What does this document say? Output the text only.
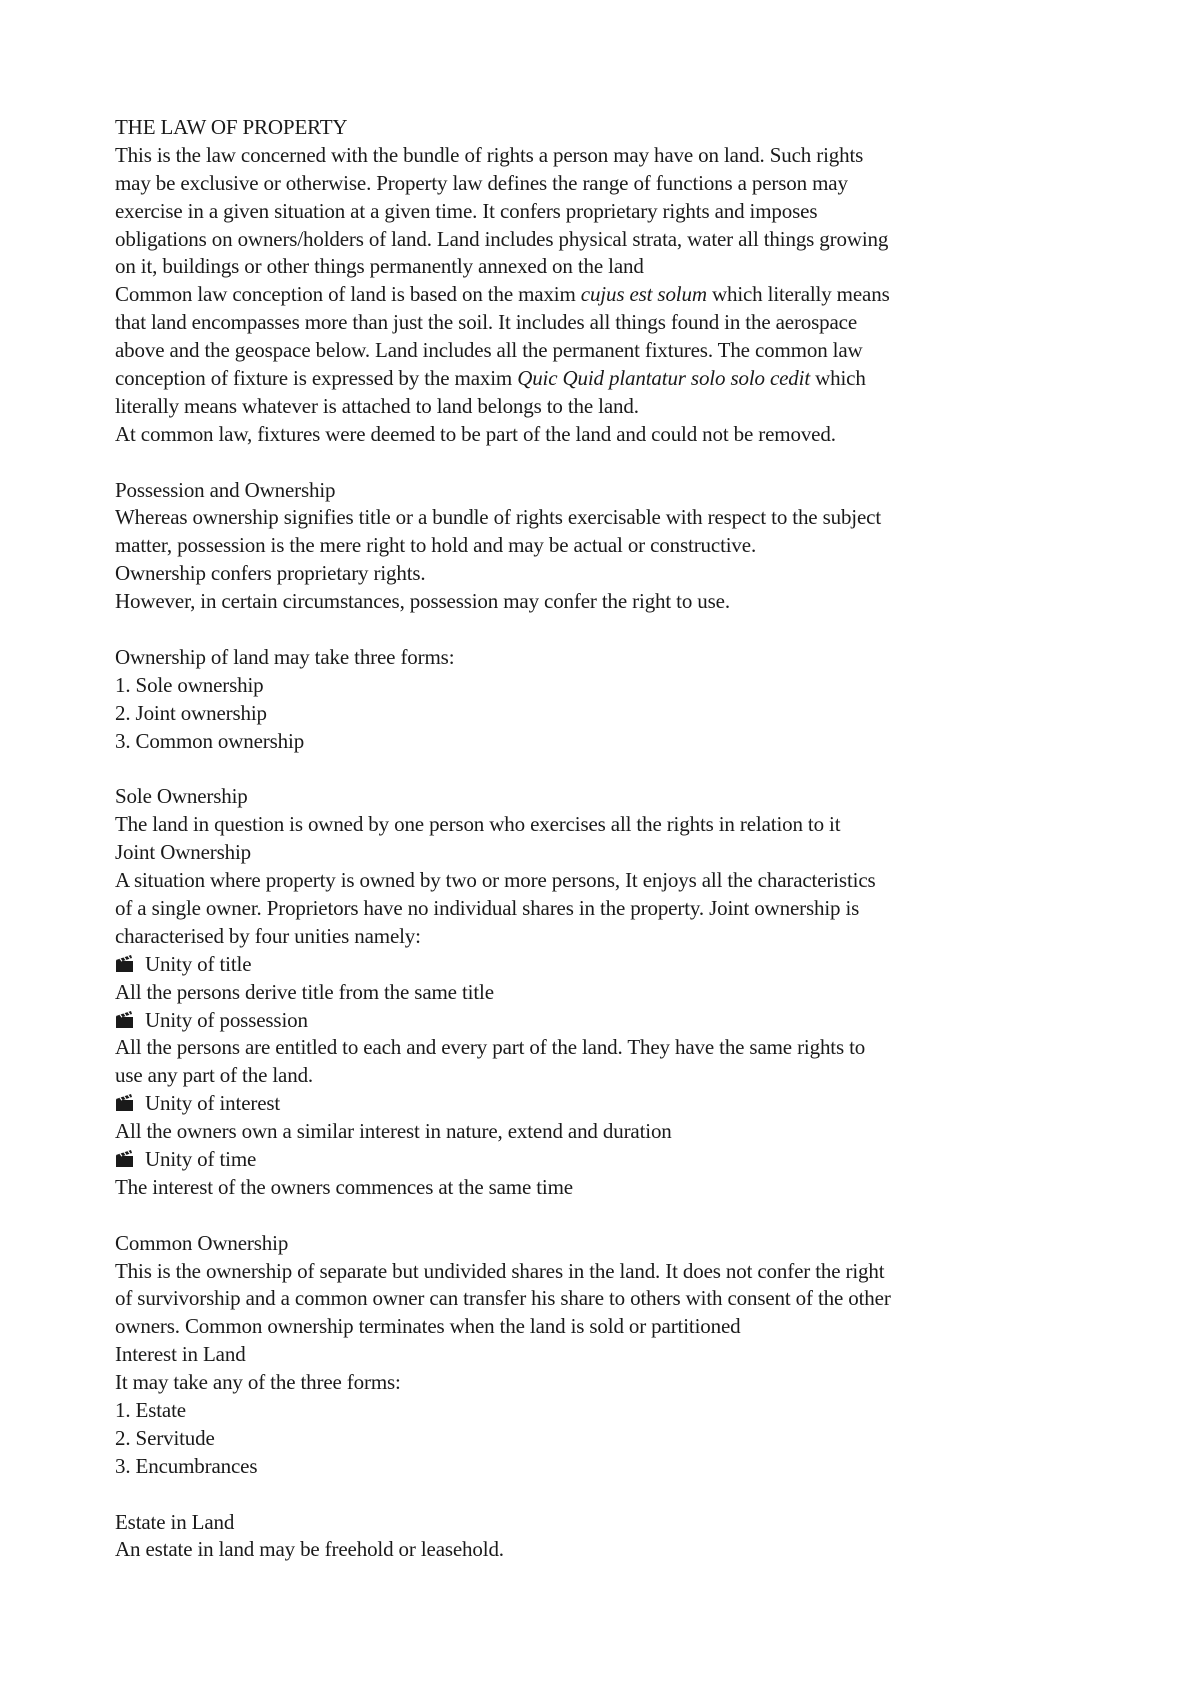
THE LAW OF PROPERTY
This is the law concerned with the bundle of rights a person may have on land. Such rights
may be exclusive or otherwise. Property law defines the range of functions a person may
exercise in a given situation at a given time. It confers proprietary rights and imposes
obligations on owners/holders of land. Land includes physical strata, water all things growing
on it, buildings or other things permanently annexed on the land
Common law conception of land is based on the maxim cujus est solum which literally means
that land encompasses more than just the soil. It includes all things found in the aerospace
above and the geospace below. Land includes all the permanent fixtures. The common law
conception of fixture is expressed by the maxim Quic Quid plantatur solo solo cedit which
literally means whatever is attached to land belongs to the land.
At common law, fixtures were deemed to be part of the land and could not be removed.
Possession and Ownership
Whereas ownership signifies title or a bundle of rights exercisable with respect to the subject
matter, possession is the mere right to hold and may be actual or constructive.
Ownership confers proprietary rights.
However, in certain circumstances, possession may confer the right to use.
Ownership of land may take three forms:
1. Sole ownership
2. Joint ownership
3. Common ownership
Sole Ownership
The land in question is owned by one person who exercises all the rights in relation to it
Joint Ownership
A situation where property is owned by two or more persons, It enjoys all the characteristics
of a single owner. Proprietors have no individual shares in the property. Joint ownership is
characterised by four unities namely:
Unity of title
All the persons derive title from the same title
Unity of possession
All the persons are entitled to each and every part of the land. They have the same rights to
use any part of the land.
Unity of interest
All the owners own a similar interest in nature, extend and duration
Unity of time
The interest of the owners commences at the same time
Common Ownership
This is the ownership of separate but undivided shares in the land. It does not confer the right
of survivorship and a common owner can transfer his share to others with consent of the other
owners. Common ownership terminates when the land is sold or partitioned
Interest in Land
It may take any of the three forms:
1. Estate
2. Servitude
3. Encumbrances
Estate in Land
An estate in land may be freehold or leasehold.
